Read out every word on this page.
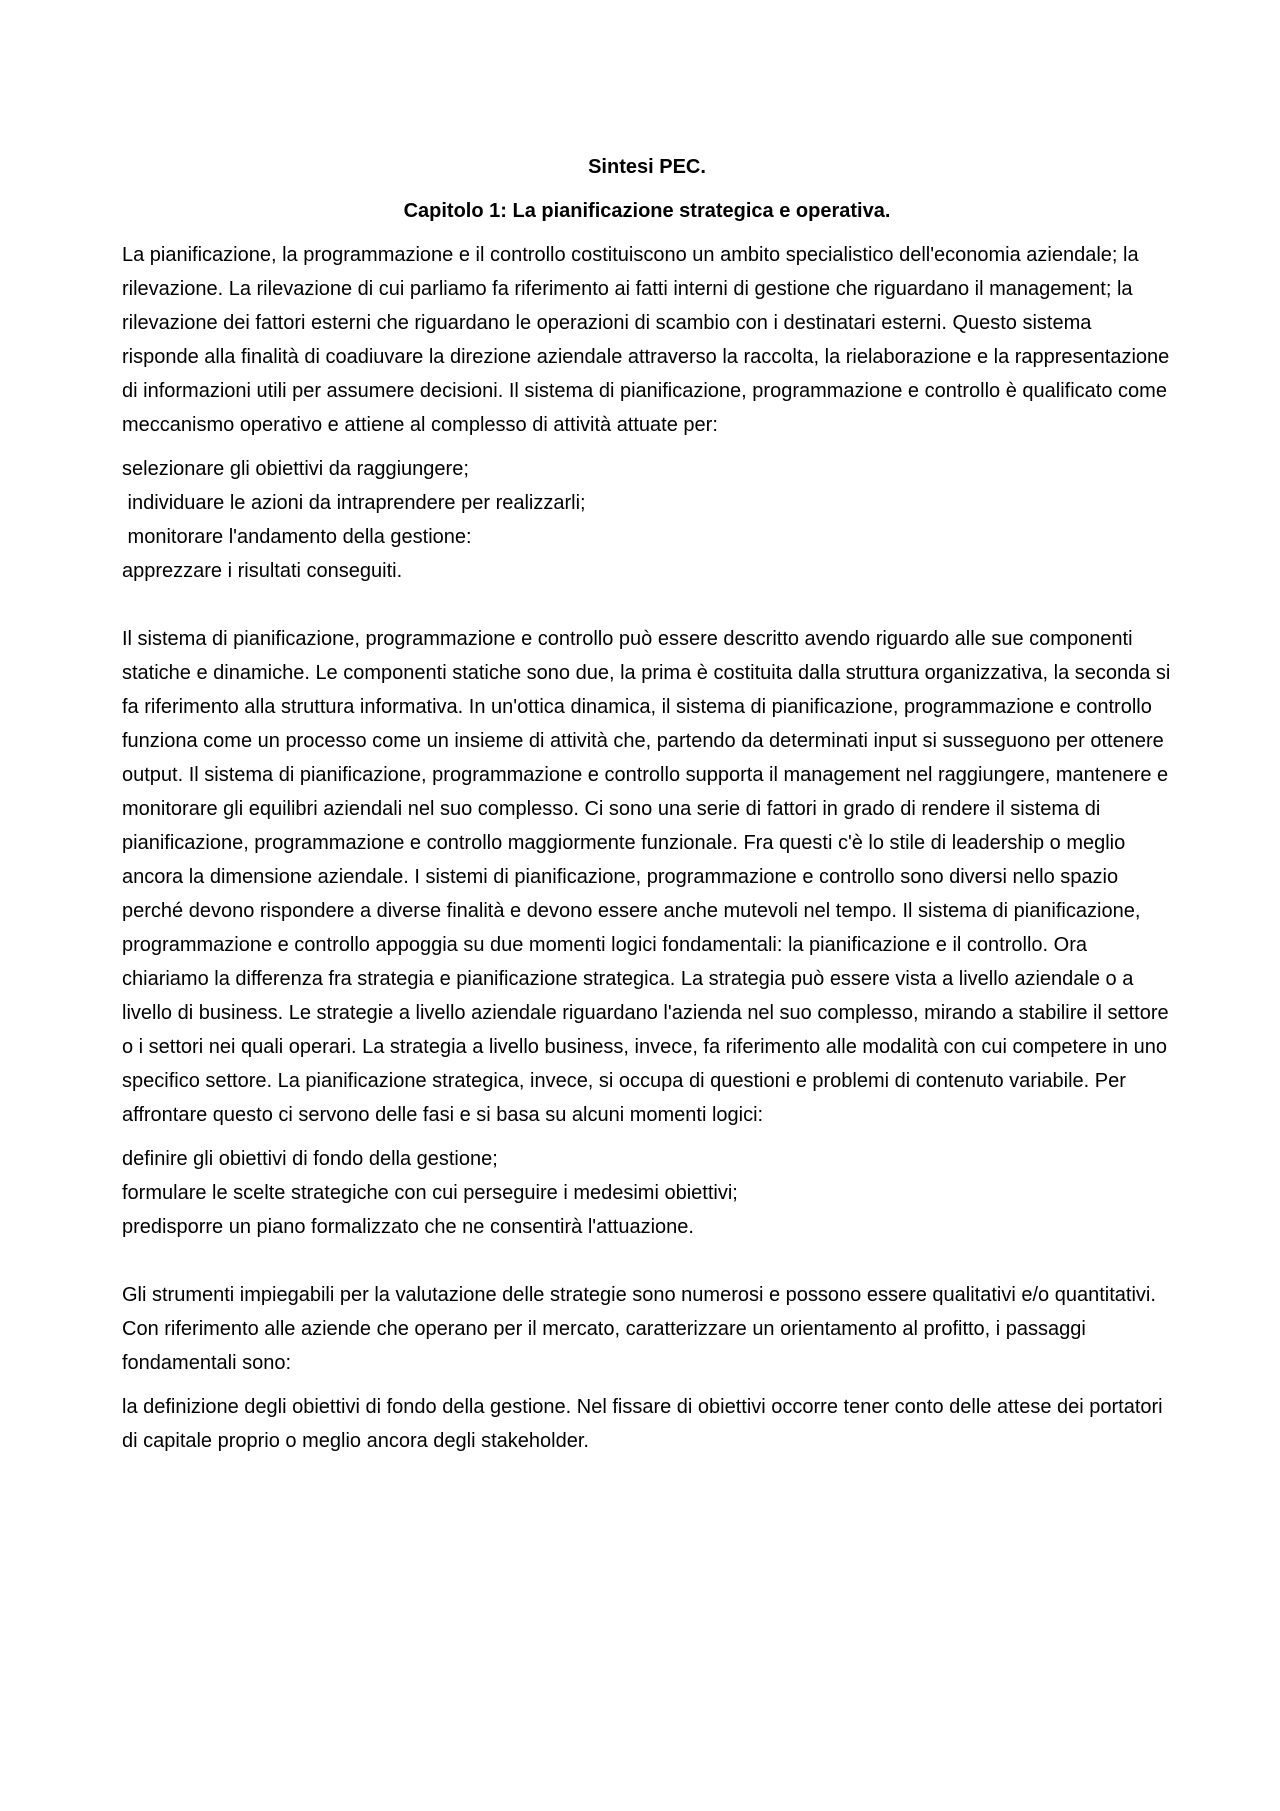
Sintesi PEC.
Capitolo 1: La pianificazione strategica e operativa.

La pianificazione, la programmazione e il controllo costituiscono un ambito specialistico dell'economia aziendale; la rilevazione. La rilevazione di cui parliamo fa riferimento ai fatti interni di gestione che riguardano il management; la rilevazione dei fattori esterni che riguardano le operazioni di scambio con i destinatari esterni. Questo sistema risponde alla finalità di coadiuvare la direzione aziendale attraverso la raccolta, la rielaborazione e la rappresentazione di informazioni utili per assumere decisioni. Il sistema di pianificazione, programmazione e controllo è qualificato come meccanismo operativo e attiene al complesso di attività attuate per:

selezionare gli obiettivi da raggiungere;
individuare le azioni da intraprendere per realizzarli;
monitorare l'andamento della gestione:
apprezzare i risultati conseguiti.

Il sistema di pianificazione, programmazione e controllo può essere descritto avendo riguardo alle sue componenti statiche e dinamiche. Le componenti statiche sono due, la prima è costituita dalla struttura organizzativa, la seconda si fa riferimento alla struttura informativa. In un'ottica dinamica, il sistema di pianificazione, programmazione e controllo funziona come un processo come un insieme di attività che, partendo da determinati input si susseguono per ottenere output. Il sistema di pianificazione, programmazione e controllo supporta il management nel raggiungere, mantenere e monitorare gli equilibri aziendali nel suo complesso. Ci sono una serie di fattori in grado di rendere il sistema di pianificazione, programmazione e controllo maggiormente funzionale. Fra questi c'è lo stile di leadership o meglio ancora la dimensione aziendale. I sistemi di pianificazione, programmazione e controllo sono diversi nello spazio perché devono rispondere a diverse finalità e devono essere anche mutevoli nel tempo. Il sistema di pianificazione, programmazione e controllo appoggia su due momenti logici fondamentali: la pianificazione e il controllo. Ora chiariamo la differenza fra strategia e pianificazione strategica. La strategia può essere vista a livello aziendale o a livello di business. Le strategie a livello aziendale riguardano l'azienda nel suo complesso, mirando a stabilire il settore o i settori nei quali operari. La strategia a livello business, invece, fa riferimento alle modalità con cui competere in uno specifico settore. La pianificazione strategica, invece, si occupa di questioni e problemi di contenuto variabile. Per affrontare questo ci servono delle fasi e si basa su alcuni momenti logici:

definire gli obiettivi di fondo della gestione;
formulare le scelte strategiche con cui perseguire i medesimi obiettivi;
predisporre un piano formalizzato che ne consentirà l'attuazione.

Gli strumenti impiegabili per la valutazione delle strategie sono numerosi e possono essere qualitativi e/o quantitativi. Con riferimento alle aziende che operano per il mercato, caratterizzare un orientamento al profitto, i passaggi fondamentali sono:

la definizione degli obiettivi di fondo della gestione. Nel fissare di obiettivi occorre tener conto delle attese dei portatori di capitale proprio o meglio ancora degli stakeholder.
